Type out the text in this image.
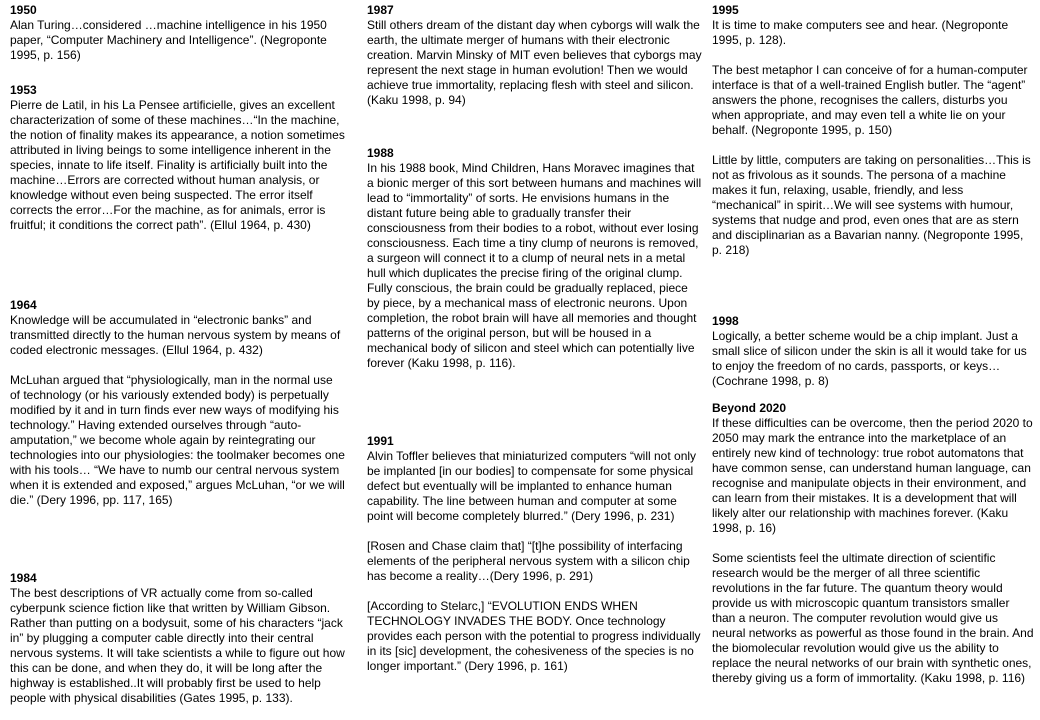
1950
Alan Turing…considered …machine intelligence in his 1950 paper, “Computer Machinery and Intelligence”. (Negroponte 1995, p. 156)
1953
Pierre de Latil, in his La Pensee artificielle, gives an excellent characterization of some of these machines…“In the machine, the notion of finality makes its appearance, a notion sometimes attributed in living beings to some intelligence inherent in the species, innate to life itself. Finality is artificially built into the machine…Errors are corrected without human analysis, or knowledge without even being suspected. The error itself corrects the error…For the machine, as for animals, error is fruitful; it conditions the correct path”. (Ellul 1964, p. 430)
1964
Knowledge will be accumulated in “electronic banks” and transmitted directly to the human nervous system by means of coded electronic messages. (Ellul 1964, p. 432)
McLuhan argued that “physiologically, man in the normal use of technology (or his variously extended body) is perpetually modified by it and in turn finds ever new ways of modifying his technology.” Having extended ourselves through “auto-amputation,” we become whole again by reintegrating our technologies into our physiologies: the toolmaker becomes one with his tools… “We have to numb our central nervous system when it is extended and exposed,” argues McLuhan, “or we will die.” (Dery 1996, pp. 117, 165)
1984
The best descriptions of VR actually come from so-called cyberpunk science fiction like that written by William Gibson. Rather than putting on a bodysuit, some of his characters “jack in” by plugging a computer cable directly into their central nervous systems. It will take scientists a while to figure out how this can be done, and when they do, it will be long after the highway is established..It will probably first be used to help people with physical disabilities (Gates 1995, p. 133).
1987
Still others dream of the distant day when cyborgs will walk the earth, the ultimate merger of humans with their electronic creation. Marvin Minsky of MIT even believes that cyborgs may represent the next stage in human evolution! Then we would achieve true immortality, replacing flesh with steel and silicon. (Kaku 1998, p. 94)
1988
In his 1988 book, Mind Children, Hans Moravec imagines that a bionic merger of this sort between humans and machines will lead to “immortality” of sorts. He envisions humans in the distant future being able to gradually transfer their consciousness from their bodies to a robot, without ever losing consciousness. Each time a tiny clump of neurons is removed, a surgeon will connect it to a clump of neural nets in a metal hull which duplicates the precise firing of the original clump. Fully conscious, the brain could be gradually replaced, piece by piece, by a mechanical mass of electronic neurons. Upon completion, the robot brain will have all memories and thought patterns of the original person, but will be housed in a mechanical body of silicon and steel which can potentially live forever (Kaku 1998, p. 116).
1991
Alvin Toffler believes that miniaturized computers “will not only be implanted [in our bodies] to compensate for some physical defect but eventually will be implanted to enhance human capability. The line between human and computer at some point will become completely blurred.” (Dery 1996, p. 231)
[Rosen and Chase claim that] “[t]he possibility of interfacing elements of the peripheral nervous system with a silicon chip has become a reality…(Dery 1996, p. 291)
[According to Stelarc,] “EVOLUTION ENDS WHEN TECHNOLOGY INVADES THE BODY. Once technology provides each person with the potential to progress individually in its [sic] development, the cohesiveness of the species is no longer important.” (Dery 1996, p. 161)
1995
It is time to make computers see and hear. (Negroponte 1995, p. 128).
The best metaphor I can conceive of for a human-computer interface is that of a well-trained English butler. The “agent” answers the phone, recognises the callers, disturbs you when appropriate, and may even tell a white lie on your behalf. (Negroponte 1995, p. 150)
Little by little, computers are taking on personalities…This is not as frivolous as it sounds. The persona of a machine makes it fun, relaxing, usable, friendly, and less “mechanical” in spirit…We will see systems with humour, systems that nudge and prod, even ones that are as stern and disciplinarian as a Bavarian nanny. (Negroponte 1995, p. 218)
1998
Logically, a better scheme would be a chip implant. Just a small slice of silicon under the skin is all it would take for us to enjoy the freedom of no cards, passports, or keys… (Cochrane 1998, p. 8)
Beyond 2020
If these difficulties can be overcome, then the period 2020 to 2050 may mark the entrance into the marketplace of an entirely new kind of technology: true robot automatons that have common sense, can understand human language, can recognise and manipulate objects in their environment, and can learn from their mistakes. It is a development that will likely alter our relationship with machines forever. (Kaku 1998, p. 16)
Some scientists feel the ultimate direction of scientific research would be the merger of all three scientific revolutions in the far future. The quantum theory would provide us with microscopic quantum transistors smaller than a neuron. The computer revolution would give us neural networks as powerful as those found in the brain. And the biomolecular revolution would give us the ability to replace the neural networks of our brain with synthetic ones, thereby giving us a form of immortality. (Kaku 1998, p. 116)
